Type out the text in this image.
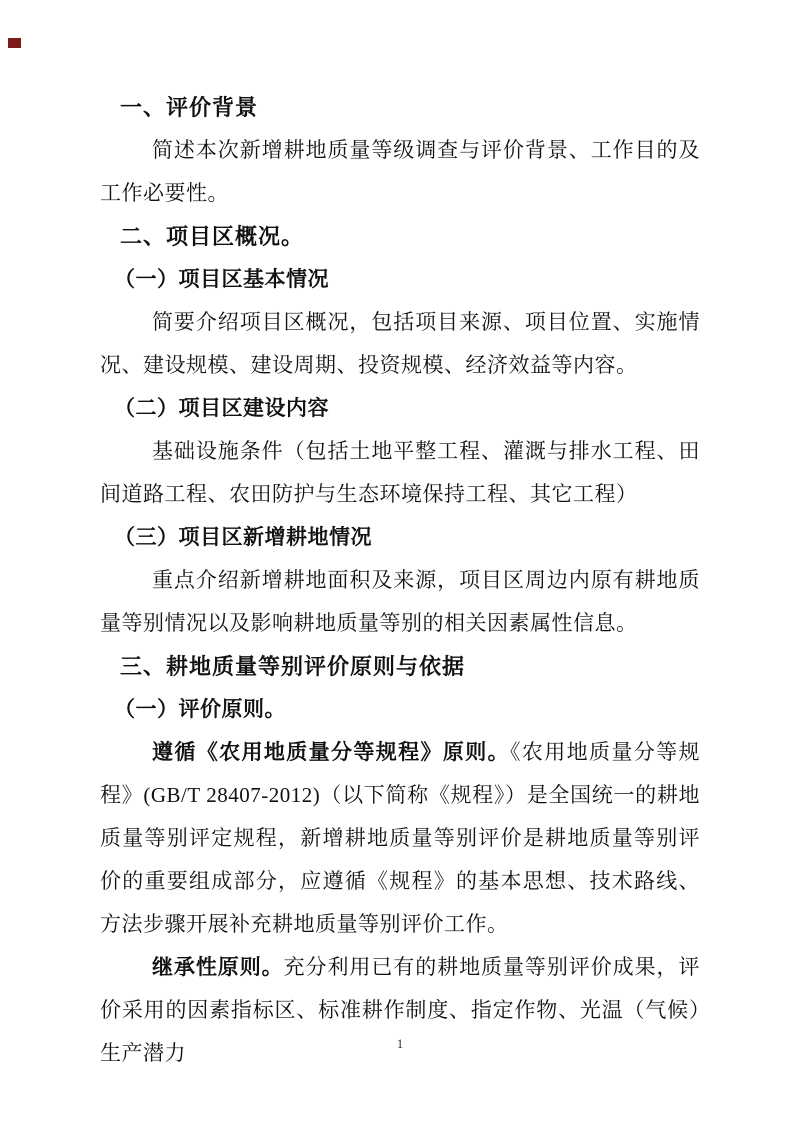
一、评价背景

简述本次新增耕地质量等级调查与评价背景、工作目的及工作必要性。

二、项目区概况。
（一）项目区基本情况

简要介绍项目区概况，包括项目来源、项目位置、实施情况、建设规模、建设周期、投资规模、经济效益等内容。

（二）项目区建设内容

基础设施条件（包括土地平整工程、灌溉与排水工程、田间道路工程、农田防护与生态环境保持工程、其它工程）

（三）项目区新增耕地情况

重点介绍新增耕地面积及来源，项目区周边内原有耕地质量等别情况以及影响耕地质量等别的相关因素属性信息。

三、耕地质量等别评价原则与依据
（一）评价原则。

遵循《农用地质量分等规程》原则。《农用地质量分等规程》(GB/T 28407-2012)（以下简称《规程》）是全国统一的耕地质量等别评定规程，新增耕地质量等别评价是耕地质量等别评价的重要组成部分，应遵循《规程》的基本思想、技术路线、方法步骤开展补充耕地质量等别评价工作。

继承性原则。充分利用已有的耕地质量等别评价成果，评价采用的因素指标区、标准耕作制度、指定作物、光温（气候）生产潜力	1
